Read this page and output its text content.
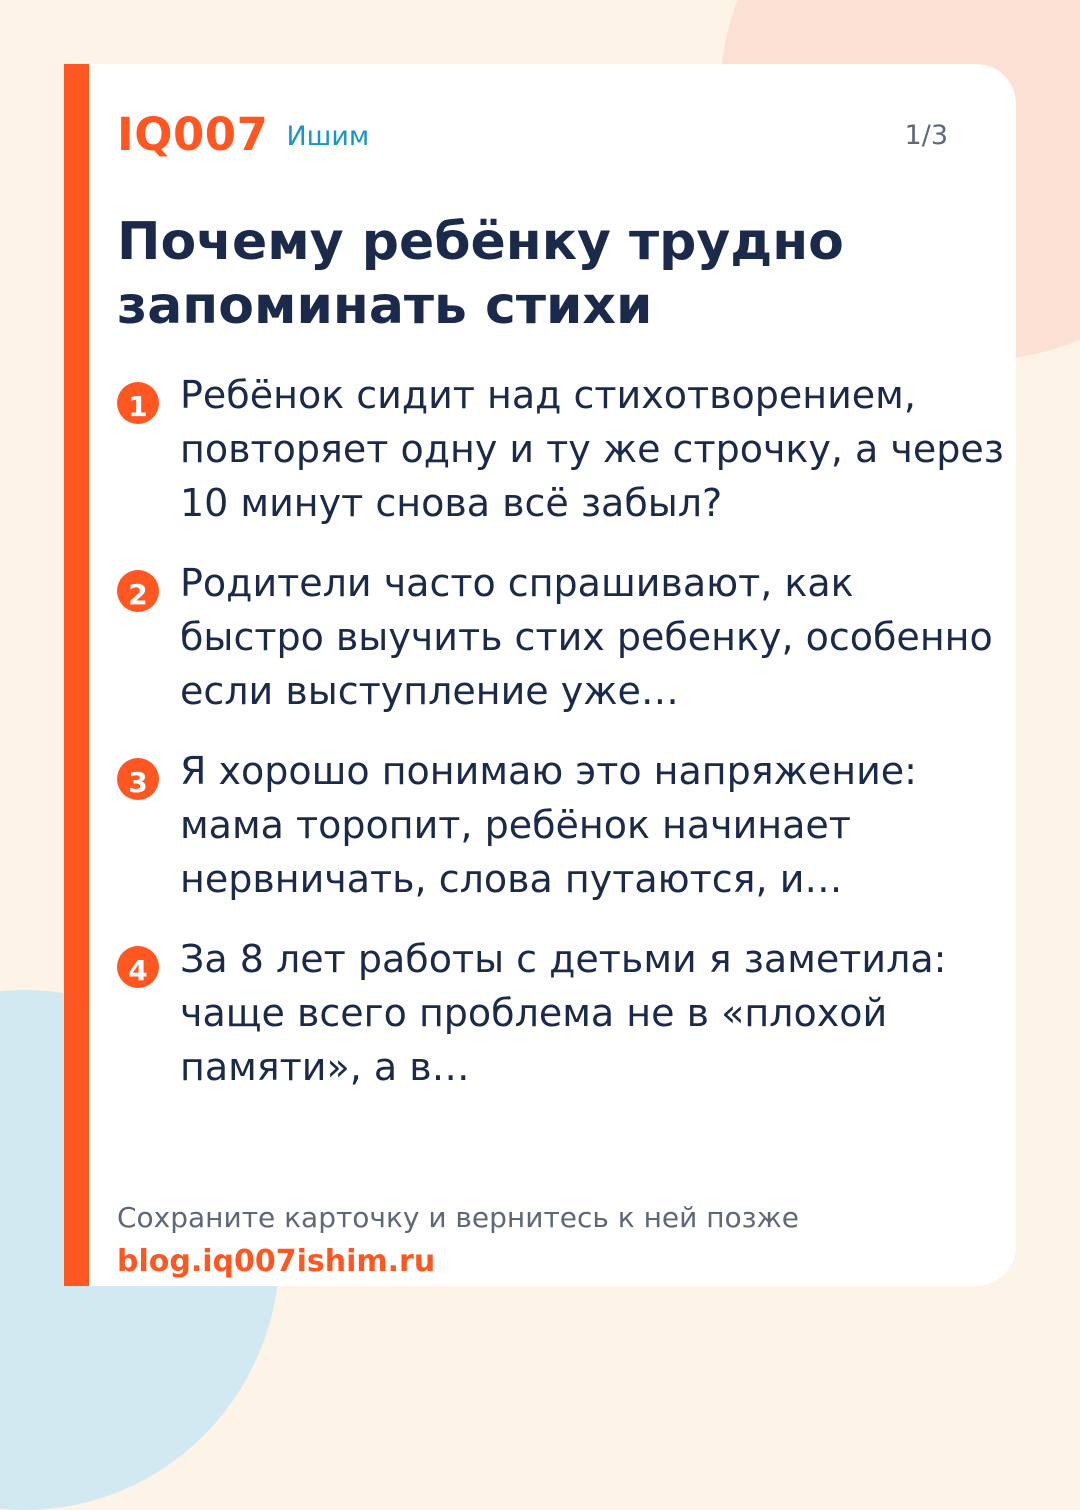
IQ007 Ишим	1/3
Почему ребёнку трудно запоминать стихи
1 Ребёнок сидит над стихотворением, повторяет одну и ту же строчку, а через 10 минут снова всё забыл?
2 Родители часто спрашивают, как быстро выучить стих ребенку, особенно если выступление уже…
3 Я хорошо понимаю это напряжение: мама торопит, ребёнок начинает нервничать, слова путаются, и…
4 За 8 лет работы с детьми я заметила: чаще всего проблема не в «плохой памяти», а в…
Сохраните карточку и вернитесь к ней позже
blog.iq007ishim.ru
